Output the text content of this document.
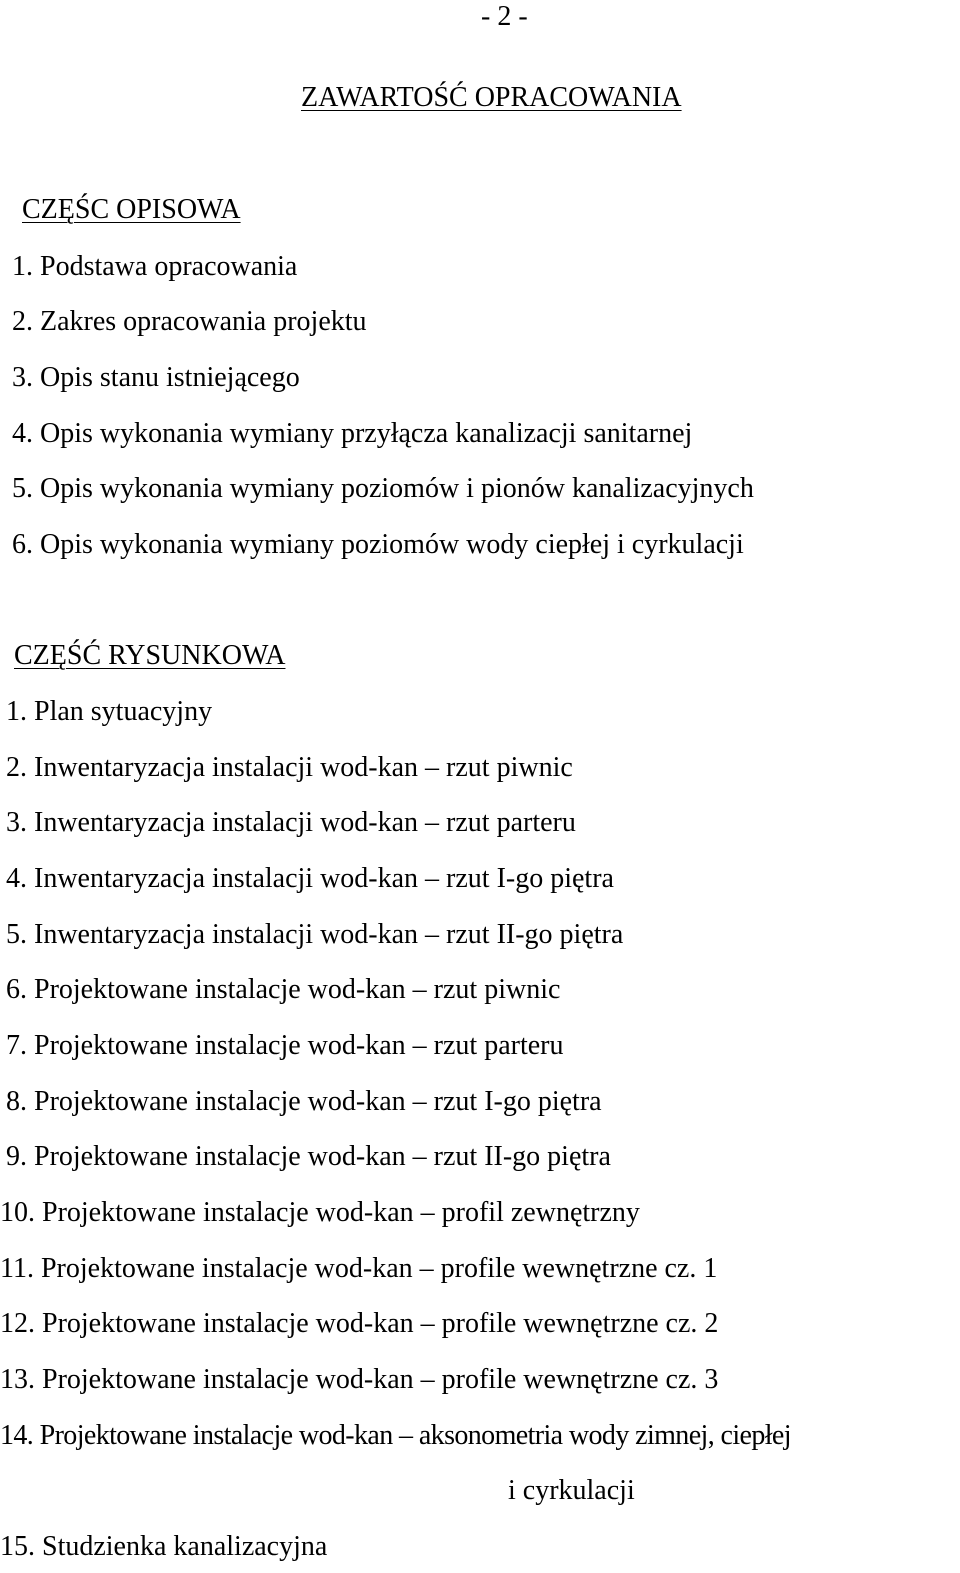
- 2 -
ZAWARTOŚĆ OPRACOWANIA
CZĘŚC OPISOWA
1. Podstawa opracowania
2. Zakres opracowania projektu
3. Opis stanu istniejącego
4. Opis wykonania wymiany przyłącza kanalizacji sanitarnej
5. Opis wykonania wymiany poziomów i pionów kanalizacyjnych
6. Opis wykonania wymiany poziomów wody ciepłej i cyrkulacji
CZĘŚĆ RYSUNKOWA
1. Plan sytuacyjny
2. Inwentaryzacja instalacji wod-kan – rzut piwnic
3. Inwentaryzacja instalacji wod-kan – rzut parteru
4. Inwentaryzacja instalacji wod-kan – rzut I-go piętra
5. Inwentaryzacja instalacji wod-kan – rzut II-go piętra
6. Projektowane instalacje wod-kan – rzut piwnic
7. Projektowane instalacje wod-kan – rzut parteru
8. Projektowane instalacje wod-kan – rzut I-go piętra
9. Projektowane instalacje wod-kan – rzut II-go piętra
10. Projektowane instalacje wod-kan – profil zewnętrzny
11. Projektowane instalacje wod-kan – profile wewnętrzne cz. 1
12. Projektowane instalacje wod-kan – profile wewnętrzne cz. 2
13. Projektowane instalacje wod-kan – profile wewnętrzne cz. 3
14. Projektowane instalacje wod-kan – aksonometria wody zimnej, ciepłej
i cyrkulacji
15. Studzienka kanalizacyjna
